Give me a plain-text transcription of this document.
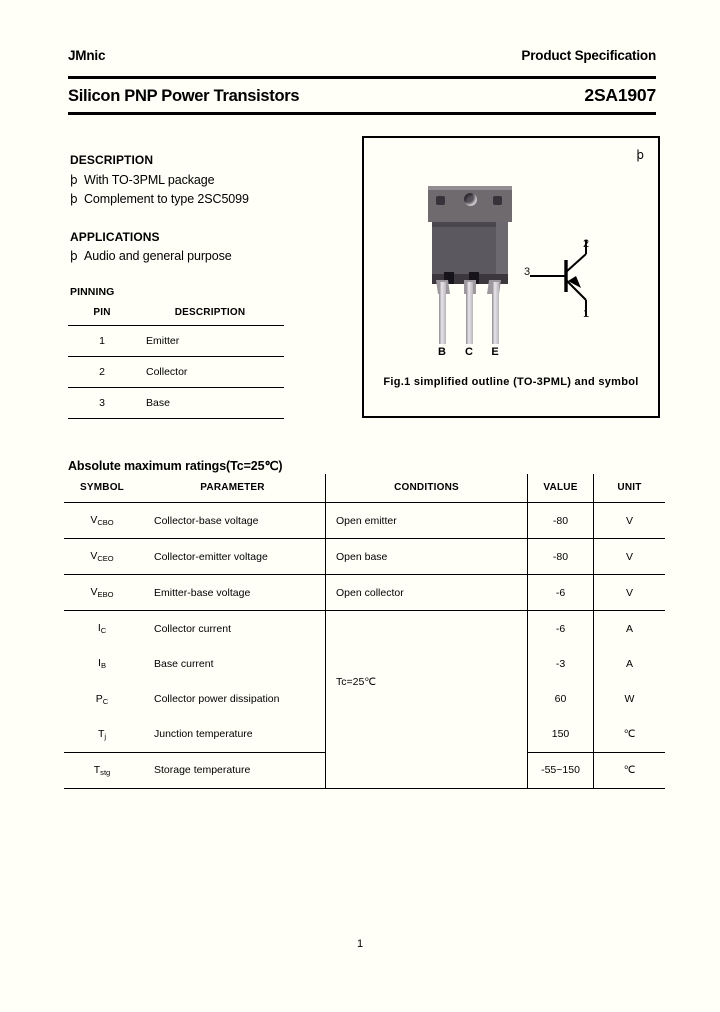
JMnic	Product Specification
Silicon PNP Power Transistors	2SA1907
DESCRIPTION
þ With TO-3PML package
þ Complement to type 2SC5099
APPLICATIONS
þ Audio and general purpose
PINNING
PIN	DESCRIPTION
1	Emitter
2	Collector
3	Base
þ
B C	E
2
3
1
Fig.1 simplified outline (TO-3PML) and symbol
Absolute maximum ratings(Tc=25℃)
SYMBOL	PARAMETER	CONDITIONS	VALUE	UNIT
$V_{CBO}$	Collector-base voltage	Open emitter	-80	V
$V_{CEO}$	Collector-emitter voltage	Open base	-80	V
$V_{EBO}$	Emitter-base voltage	Open collector	-6	V
$I_C$	Collector current	Tc=25℃	-6	A
$I_B$	Base current		-3	A
$P_C$	Collector power dissipation		60	W
$T_j$	Junction temperature		150	℃
$T_{stg}$	Storage temperature		-55~150	℃
1
